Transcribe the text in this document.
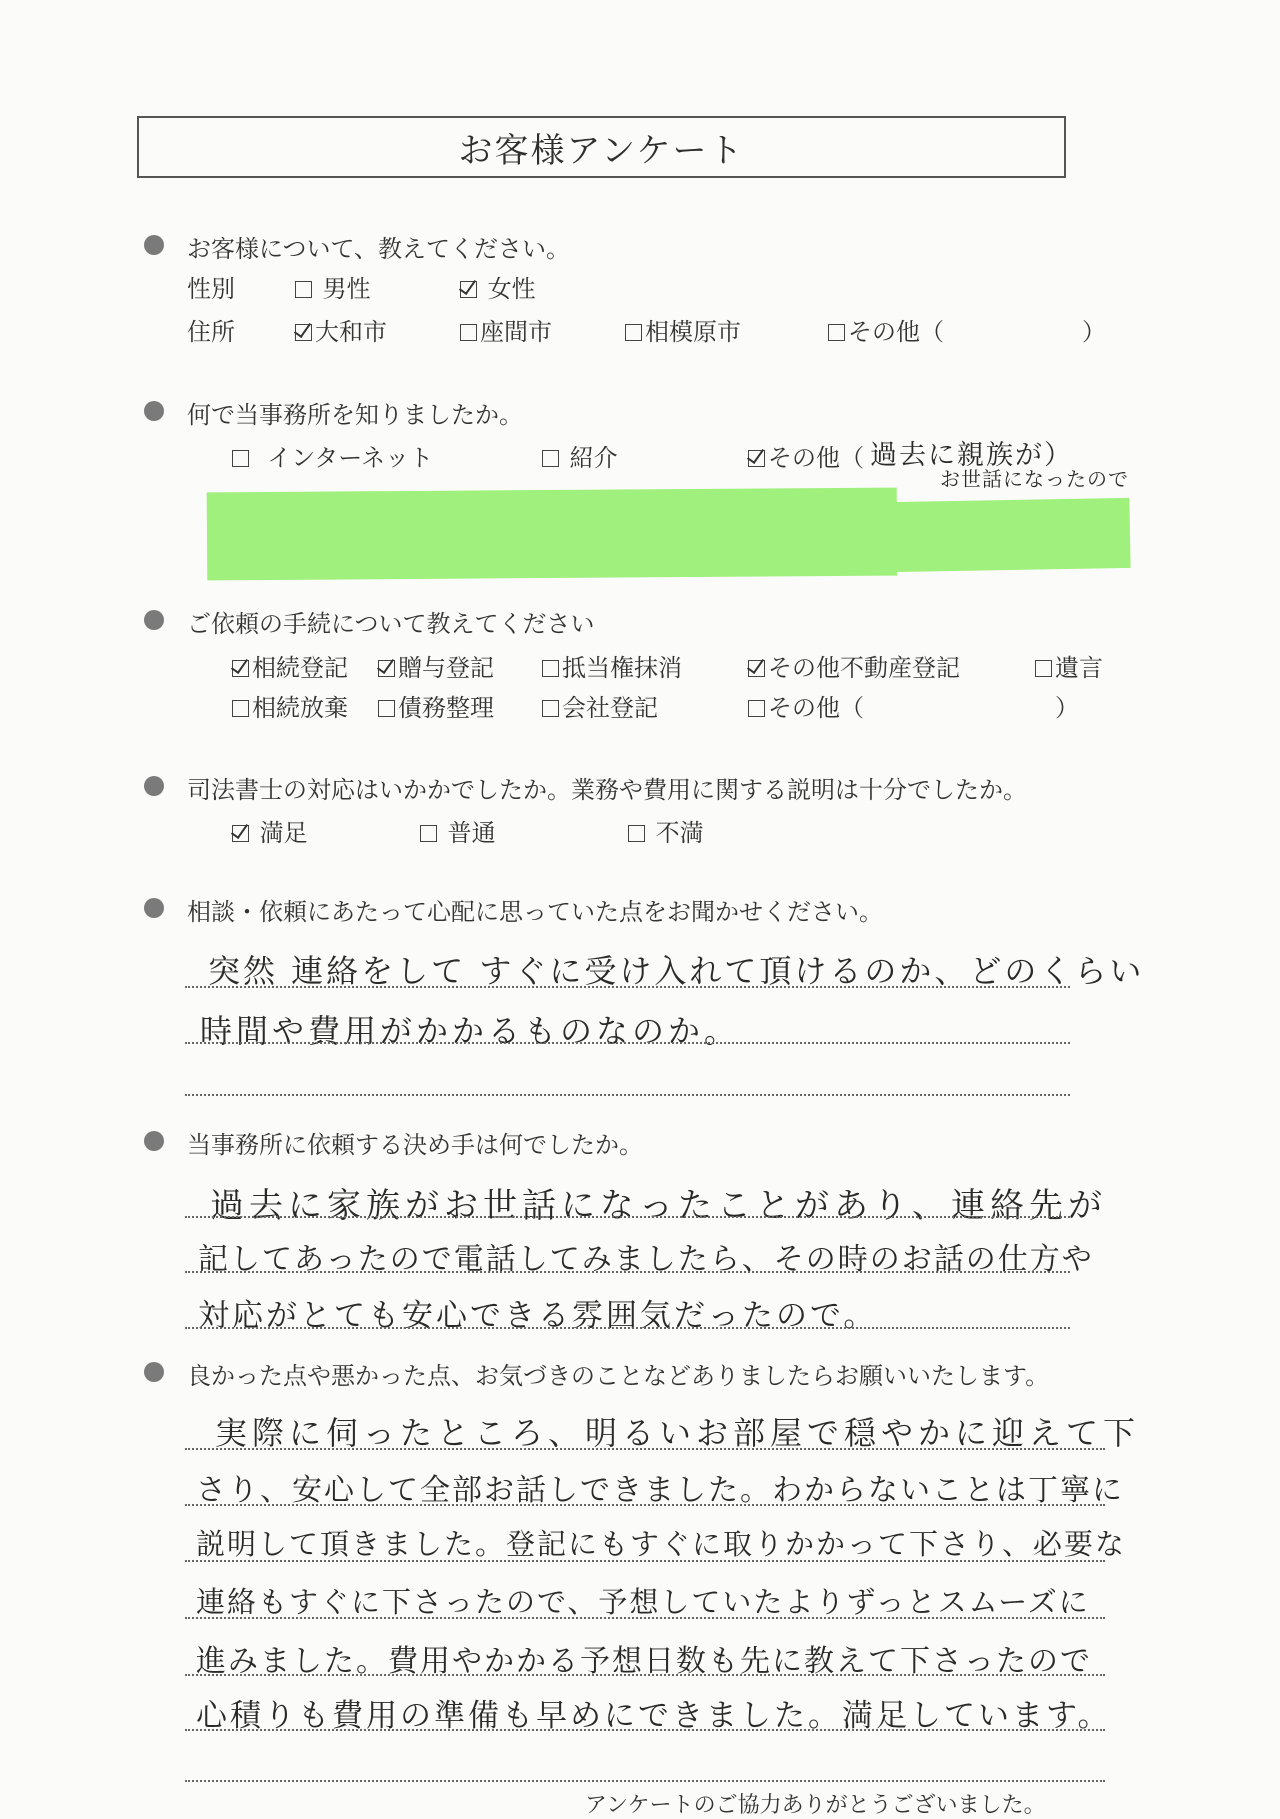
お客様アンケート
お客様について、教えてください。
性別	男性	女性
住所	大和市	座間市	相模原市	その他（	）
何で当事務所を知りましたか。
インターネット	紹介	その他（ 過去に親族が）
お世話になったので
ご依頼の手続について教えてください
相続登記	贈与登記	抵当権抹消	その他不動産登記	遺言
相続放棄	債務整理	会社登記	その他（	）
司法書士の対応はいかかでしたか。業務や費用に関する説明は十分でしたか。
満足	普通	不満
相談・依頼にあたって心配に思っていた点をお聞かせください。
突然 連絡をして すぐに受け入れて頂けるのか、どのくらい
時間や費用がかかるものなのか。
当事務所に依頼する決め手は何でしたか。
過去に家族がお世話になったことがあり、連絡先が
記してあったので電話してみましたら、その時のお話の仕方や
対応がとても安心できる雰囲気だったので。
良かった点や悪かった点、お気づきのことなどありましたらお願いいたします。
実際に伺ったところ、明るいお部屋で穏やかに迎えて下
さり、安心して全部お話しできました。わからないことは丁寧に
説明して頂きました。登記にもすぐに取りかかって下さり、必要な
連絡もすぐに下さったので、予想していたよりずっとスムーズに
進みました。費用やかかる予想日数も先に教えて下さったので
心積りも費用の準備も早めにできました。満足しています。
アンケートのご協力ありがとうございました。
